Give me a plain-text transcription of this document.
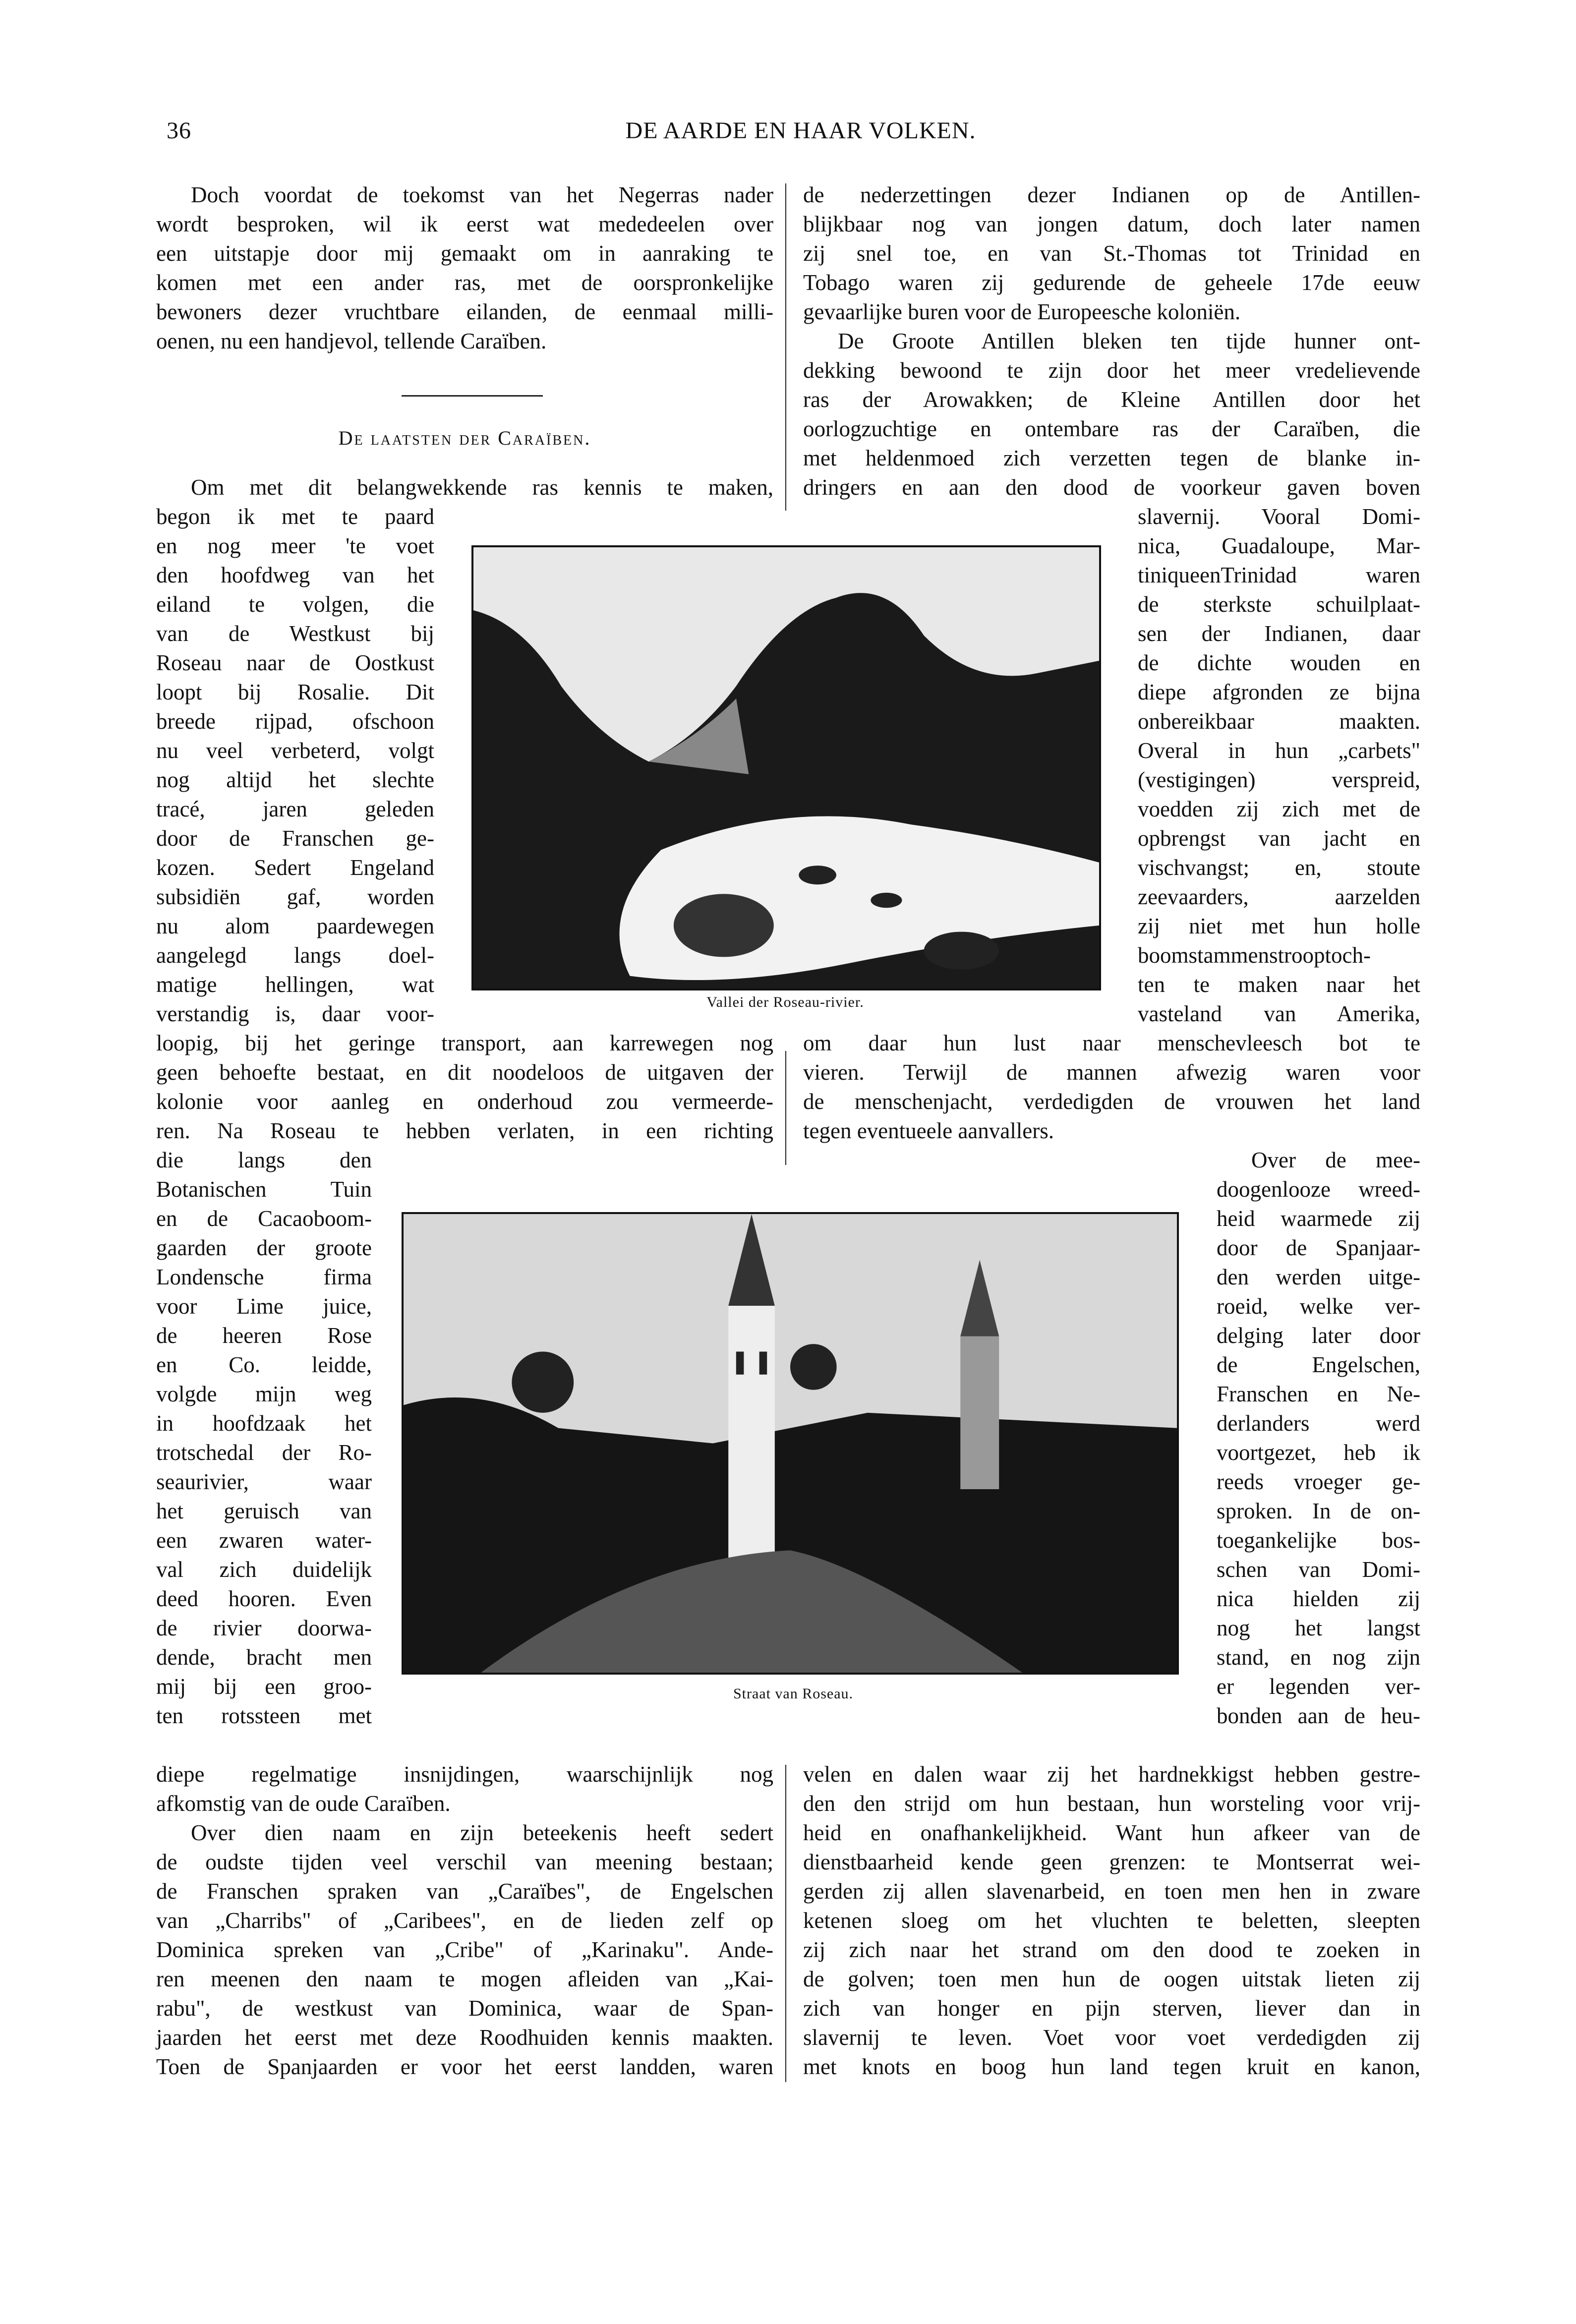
36	DE AARDE EN HAAR VOLKEN.
De laatsten der Caraïben.
Vallei der Roseau-rivier.
Straat van Roseau.
Doch voordat de toekomst van het Negerras nader
wordt besproken, wil ik eerst wat mededeelen over
een uitstapje door mij gemaakt om in aanraking te
komen met een ander ras, met de oorspronkelijke
bewoners dezer vruchtbare eilanden, de eenmaal milli-
oenen, nu een handjevol, tellende Caraïben.
Om met dit belangwekkende ras kennis te maken,
begon ik met te paard
en nog meer 'te voet
den hoofdweg van het
eiland te volgen, die
van de Westkust bij
Roseau naar de Oostkust
loopt bij Rosalie. Dit
breede rijpad, ofschoon
nu veel verbeterd, volgt
nog altijd het slechte
tracé, jaren geleden
door de Franschen ge-
kozen. Sedert Engeland
subsidiën gaf, worden
nu alom paardewegen
aangelegd langs doel-
matige hellingen, wat
verstandig is, daar voor-
loopig, bij het geringe transport, aan karrewegen nog
geen behoefte bestaat, en dit noodeloos de uitgaven der
kolonie voor aanleg en onderhoud zou vermeerde-
ren. Na Roseau te hebben verlaten, in een richting
die langs den
Botanischen Tuin
en de Cacaoboom-
gaarden der groote
Londensche firma
voor Lime juice,
de heeren Rose
en Co. leidde,
volgde mijn weg
in hoofdzaak het
trotschedal der Ro-
seaurivier, waar
het geruisch van
een zwaren water-
val zich duidelijk
deed hooren. Even
de rivier doorwa-
dende, bracht men
mij bij een groo-
ten rotssteen met
diepe regelmatige insnijdingen, waarschijnlijk nog
afkomstig van de oude Caraïben.
Over dien naam en zijn beteekenis heeft sedert
de oudste tijden veel verschil van meening bestaan;
de Franschen spraken van „Caraïbes", de Engelschen
van „Charribs" of „Caribees", en de lieden zelf op
Dominica spreken van „Cribe" of „Karinaku". Ande-
ren meenen den naam te mogen afleiden van „Kai-
rabu", de westkust van Dominica, waar de Span-
jaarden het eerst met deze Roodhuiden kennis maakten.
Toen de Spanjaarden er voor het eerst landden, waren
de nederzettingen dezer Indianen op de Antillen-
blijkbaar nog van jongen datum, doch later namen
zij snel toe, en van St.-Thomas tot Trinidad en
Tobago waren zij gedurende de geheele 17de eeuw
gevaarlijke buren voor de Europeesche koloniën.
De Groote Antillen bleken ten tijde hunner ont-
dekking bewoond te zijn door het meer vredelievende
ras der Arowakken; de Kleine Antillen door het
oorlogzuchtige en ontembare ras der Caraïben, die
met heldenmoed zich verzetten tegen de blanke in-
dringers en aan den dood de voorkeur gaven boven
slavernij. Vooral Domi-
nica, Guadaloupe, Mar-
tiniqueenTrinidad waren
de sterkste schuilplaat-
sen der Indianen, daar
de dichte wouden en
diepe afgronden ze bijna
onbereikbaar maakten.
Overal in hun „carbets"
(vestigingen) verspreid,
voedden zij zich met de
opbrengst van jacht en
vischvangst; en, stoute
zeevaarders, aarzelden
zij niet met hun holle
boomstammenstrooptoch-
ten te maken naar het
vasteland van Amerika,
om daar hun lust naar menschevleesch bot te
vieren. Terwijl de mannen afwezig waren voor
de menschenjacht, verdedigden de vrouwen het land
tegen eventueele aanvallers.
Over de mee-
doogenlooze wreed-
heid waarmede zij
door de Spanjaar-
den werden uitge-
roeid, welke ver-
delging later door
de Engelschen,
Franschen en Ne-
derlanders werd
voortgezet, heb ik
reeds vroeger ge-
sproken. In de on-
toegankelijke bos-
schen van Domi-
nica hielden zij
nog het langst
stand, en nog zijn
er legenden ver-
bonden aan de heu-
velen en dalen waar zij het hardnekkigst hebben gestre-
den den strijd om hun bestaan, hun worsteling voor vrij-
heid en onafhankelijkheid. Want hun afkeer van de
dienstbaarheid kende geen grenzen: te Montserrat wei-
gerden zij allen slavenarbeid, en toen men hen in zware
ketenen sloeg om het vluchten te beletten, sleepten
zij zich naar het strand om den dood te zoeken in
de golven; toen men hun de oogen uitstak lieten zij
zich van honger en pijn sterven, liever dan in
slavernij te leven. Voet voor voet verdedigden zij
met knots en boog hun land tegen kruit en kanon,
